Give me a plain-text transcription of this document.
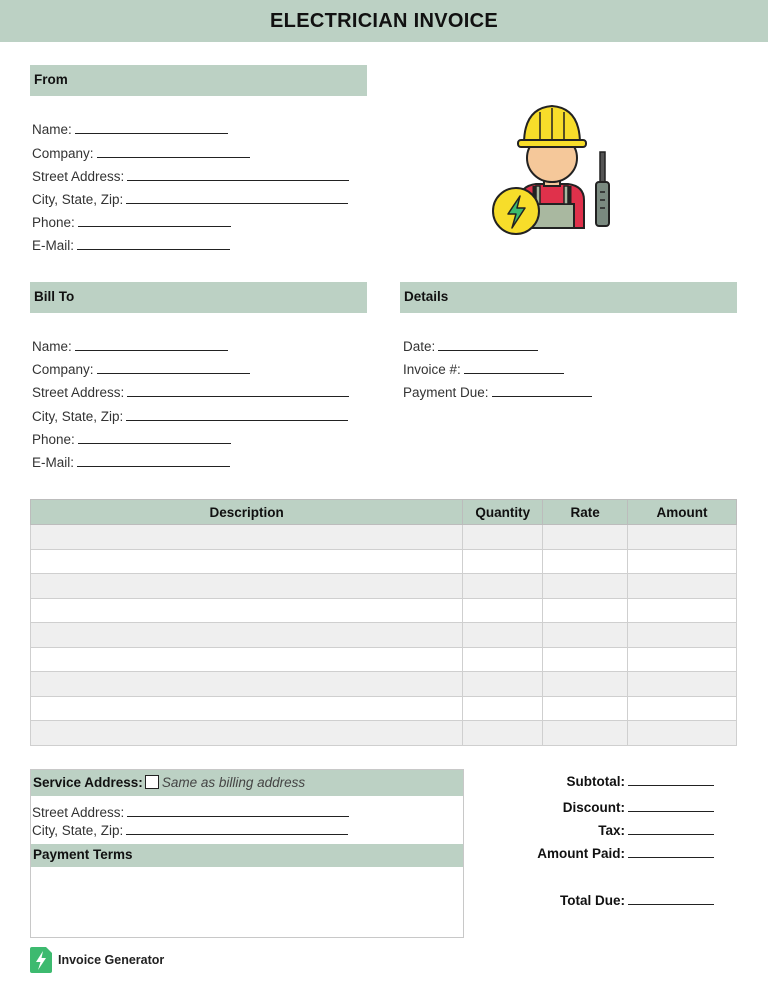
ELECTRICIAN INVOICE
From
Name:
Company:
Street Address:
City, State, Zip:
Phone:
E-Mail:
Bill To
Name:
Company:
Street Address:
City, State, Zip:
Phone:
E-Mail:
Details
Date:
Invoice #:
Payment Due:
Description	Quantity	Rate	Amount

Service Address: Same as billing address
Street Address:
City, State, Zip:
Payment Terms
Subtotal:
Discount:
Tax:
Amount Paid:
Total Due:
Invoice Generator
